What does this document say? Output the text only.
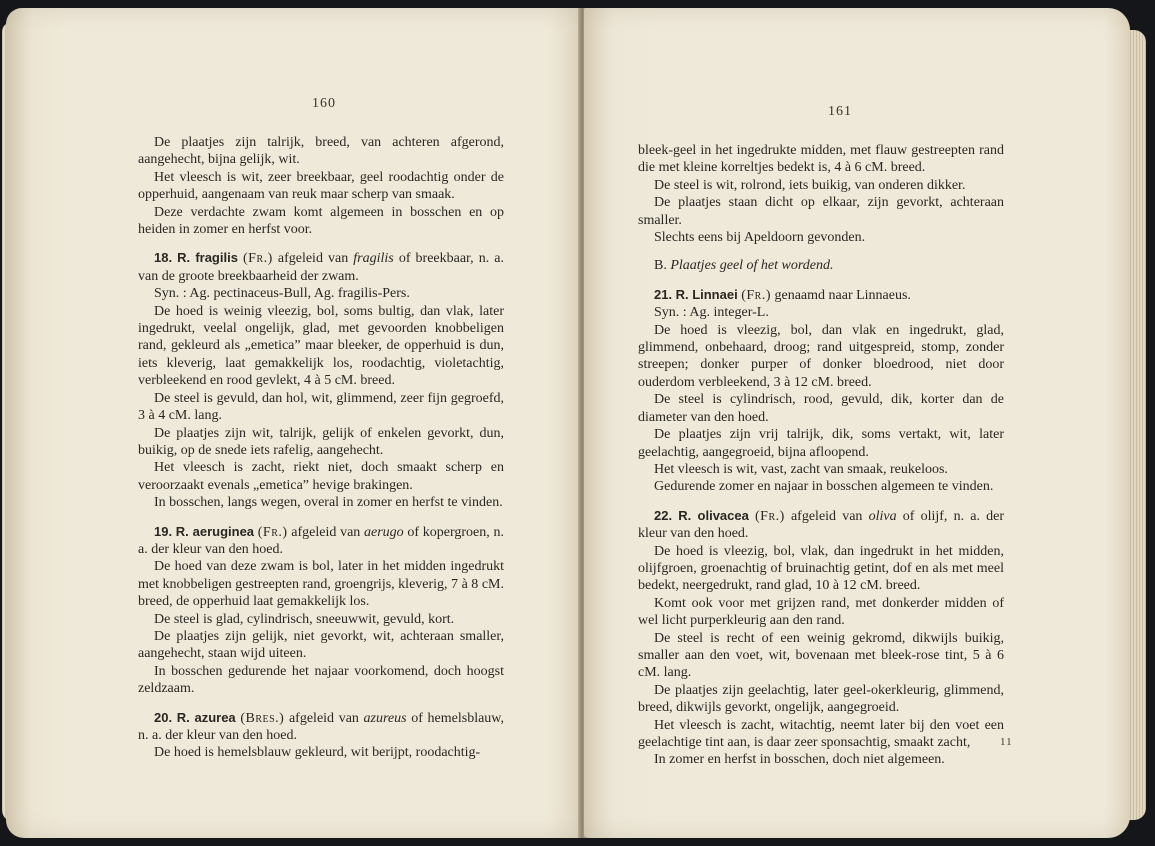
160

De plaatjes zijn talrijk, breed, van achteren afgerond, aangehecht, bijna gelijk, wit.

Het vleesch is wit, zeer breekbaar, geel roodachtig onder de opperhuid, aangenaam van reuk maar scherp van smaak.

Deze verdachte zwam komt algemeen in bosschen en op heiden in zomer en herfst voor.

18. R. fragilis (Fr.) afgeleid van fragilis of breekbaar, n. a. van de groote breekbaarheid der zwam.

Syn. : Ag. pectinaceus-Bull, Ag. fragilis-Pers.

De hoed is weinig vleezig, bol, soms bultig, dan vlak, later ingedrukt, veelal ongelijk, glad, met gevoorden knobbeligen rand, gekleurd als „emetica” maar bleeker, de opperhuid is dun, iets kleverig, laat gemakkelijk los, roodachtig, violetachtig, verbleekend en rood gevlekt, 4 à 5 cM. breed.

De steel is gevuld, dan hol, wit, glimmend, zeer fijn gegroefd, 3 à 4 cM. lang.

De plaatjes zijn wit, talrijk, gelijk of enkelen gevorkt, dun, buikig, op de snede iets rafelig, aangehecht.

Het vleesch is zacht, riekt niet, doch smaakt scherp en veroorzaakt evenals „emetica” hevige brakingen.

In bosschen, langs wegen, overal in zomer en herfst te vinden.

19. R. aeruginea (Fr.) afgeleid van aerugo of kopergroen, n. a. der kleur van den hoed.

De hoed van deze zwam is bol, later in het midden ingedrukt met knobbeligen gestreepten rand, groengrijs, kleverig, 7 à 8 cM. breed, de opperhuid laat gemakkelijk los.

De steel is glad, cylindrisch, sneeuwwit, gevuld, kort.

De plaatjes zijn gelijk, niet gevorkt, wit, achteraan smaller, aangehecht, staan wijd uiteen.

In bosschen gedurende het najaar voorkomend, doch hoogst zeldzaam.

20. R. azurea (Bres.) afgeleid van azureus of hemelsblauw, n. a. der kleur van den hoed.

De hoed is hemelsblauw gekleurd, wit berijpt, roodachtig-

161

bleek-geel in het ingedrukte midden, met flauw gestreepten rand die met kleine korreltjes bedekt is, 4 à 6 cM. breed.

De steel is wit, rolrond, iets buikig, van onderen dikker.

De plaatjes staan dicht op elkaar, zijn gevorkt, achteraan smaller.

Slechts eens bij Apeldoorn gevonden.

B. Plaatjes geel of het wordend.

21. R. Linnaei (Fr.) genaamd naar Linnaeus.

Syn. : Ag. integer-L.

De hoed is vleezig, bol, dan vlak en ingedrukt, glad, glimmend, onbehaard, droog; rand uitgespreid, stomp, zonder streepen; donker purper of donker bloedrood, niet door ouderdom verbleekend, 3 à 12 cM. breed.

De steel is cylindrisch, rood, gevuld, dik, korter dan de diameter van den hoed.

De plaatjes zijn vrij talrijk, dik, soms vertakt, wit, later geelachtig, aangegroeid, bijna afloopend.

Het vleesch is wit, vast, zacht van smaak, reukeloos.

Gedurende zomer en najaar in bosschen algemeen te vinden.

22. R. olivacea (Fr.) afgeleid van oliva of olijf, n. a. der kleur van den hoed.

De hoed is vleezig, bol, vlak, dan ingedrukt in het midden, olijfgroen, groenachtig of bruinachtig getint, dof en als met meel bedekt, neergedrukt, rand glad, 10 à 12 cM. breed.

Komt ook voor met grijzen rand, met donkerder midden of wel licht purperkleurig aan den rand.

De steel is recht of een weinig gekromd, dikwijls buikig, smaller aan den voet, wit, bovenaan met bleek-rose tint, 5 à 6 cM. lang.

De plaatjes zijn geelachtig, later geel-okerkleurig, glimmend, breed, dikwijls gevorkt, ongelijk, aangegroeid.

Het vleesch is zacht, witachtig, neemt later bij den voet een geelachtige tint aan, is daar zeer sponsachtig, smaakt zacht,

In zomer en herfst in bosschen, doch niet algemeen.

11
